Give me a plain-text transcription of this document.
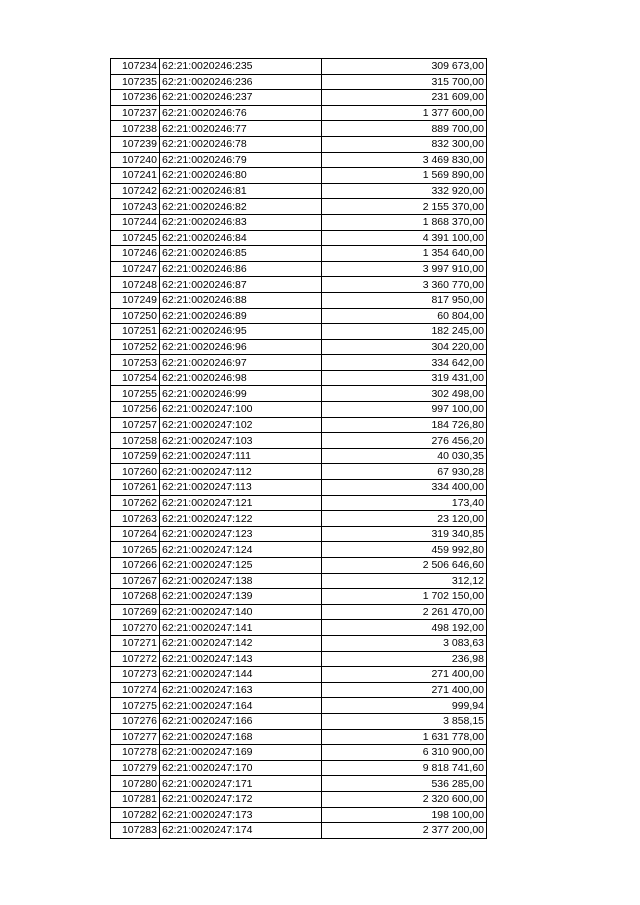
107234	62:21:0020246:235	309 673,00
107235	62:21:0020246:236	315 700,00
107236	62:21:0020246:237	231 609,00
107237	62:21:0020246:76	1 377 600,00
107238	62:21:0020246:77	889 700,00
107239	62:21:0020246:78	832 300,00
107240	62:21:0020246:79	3 469 830,00
107241	62:21:0020246:80	1 569 890,00
107242	62:21:0020246:81	332 920,00
107243	62:21:0020246:82	2 155 370,00
107244	62:21:0020246:83	1 868 370,00
107245	62:21:0020246:84	4 391 100,00
107246	62:21:0020246:85	1 354 640,00
107247	62:21:0020246:86	3 997 910,00
107248	62:21:0020246:87	3 360 770,00
107249	62:21:0020246:88	817 950,00
107250	62:21:0020246:89	60 804,00
107251	62:21:0020246:95	182 245,00
107252	62:21:0020246:96	304 220,00
107253	62:21:0020246:97	334 642,00
107254	62:21:0020246:98	319 431,00
107255	62:21:0020246:99	302 498,00
107256	62:21:0020247:100	997 100,00
107257	62:21:0020247:102	184 726,80
107258	62:21:0020247:103	276 456,20
107259	62:21:0020247:111	40 030,35
107260	62:21:0020247:112	67 930,28
107261	62:21:0020247:113	334 400,00
107262	62:21:0020247:121	173,40
107263	62:21:0020247:122	23 120,00
107264	62:21:0020247:123	319 340,85
107265	62:21:0020247:124	459 992,80
107266	62:21:0020247:125	2 506 646,60
107267	62:21:0020247:138	312,12
107268	62:21:0020247:139	1 702 150,00
107269	62:21:0020247:140	2 261 470,00
107270	62:21:0020247:141	498 192,00
107271	62:21:0020247:142	3 083,63
107272	62:21:0020247:143	236,98
107273	62:21:0020247:144	271 400,00
107274	62:21:0020247:163	271 400,00
107275	62:21:0020247:164	999,94
107276	62:21:0020247:166	3 858,15
107277	62:21:0020247:168	1 631 778,00
107278	62:21:0020247:169	6 310 900,00
107279	62:21:0020247:170	9 818 741,60
107280	62:21:0020247:171	536 285,00
107281	62:21:0020247:172	2 320 600,00
107282	62:21:0020247:173	198 100,00
107283	62:21:0020247:174	2 377 200,00
